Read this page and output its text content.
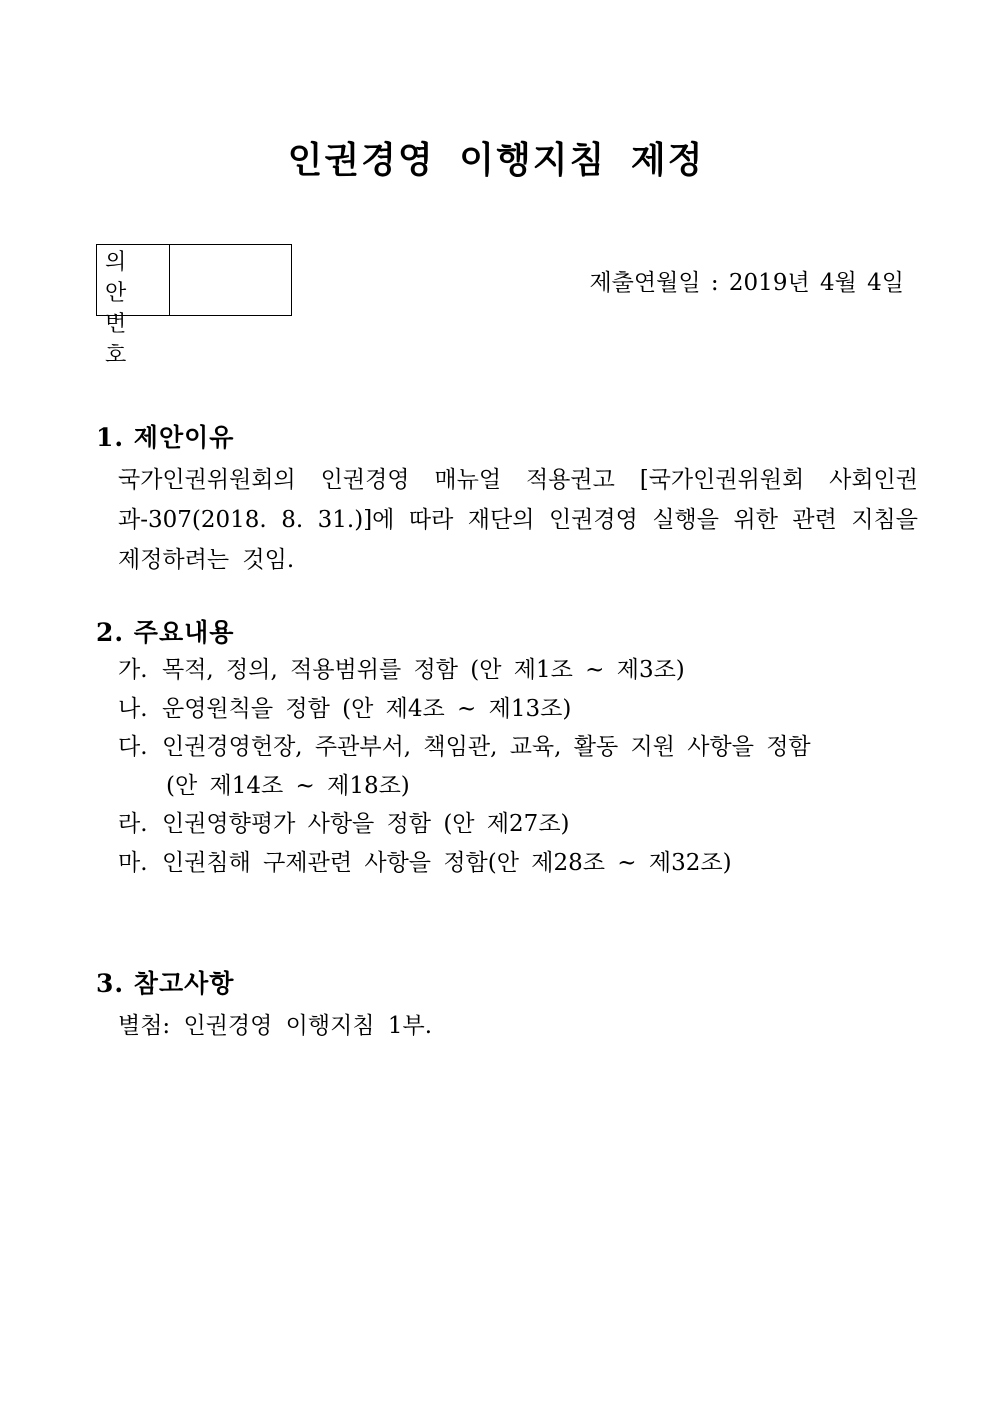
인권경영 이행지침 제정
의 안
번 호
제출연월일 : 2019년 4월 4일
1. 제안이유

국가인권위원회의 인권경영 매뉴얼 적용권고 [국가인권위원회 사회인권과-307(2018. 8. 31.)]에 따라 재단의 인권경영 실행을 위한 관련 지침을 제정하려는 것임.

2. 주요내용
가. 목적, 정의, 적용범위를 정함 (안 제1조 ~ 제3조)
나. 운영원칙을 정함 (안 제4조 ~ 제13조)
다. 인권경영헌장, 주관부서, 책임관, 교육, 활동 지원 사항을 정함
(안 제14조 ~ 제18조)
라. 인권영향평가 사항을 정함 (안 제27조)
마. 인권침해 구제관련 사항을 정함(안 제28조 ~ 제32조)
3. 참고사항

별첨: 인권경영 이행지침 1부.
